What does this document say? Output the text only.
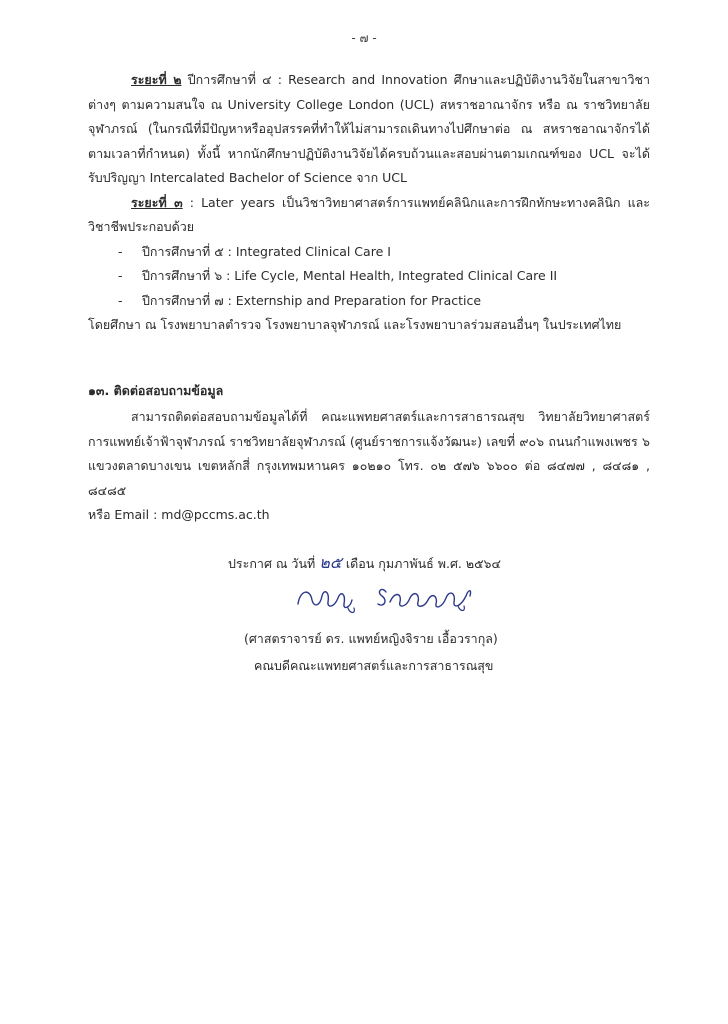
- ๗ -

ระยะที่ ๒ ปีการศึกษาที่ ๔ : Research and Innovation ศึกษาและปฏิบัติงานวิจัยในสาขาวิชาต่างๆ ตามความสนใจ ณ University College London (UCL) สหราชอาณาจักร หรือ ณ ราชวิทยาลัยจุฬาภรณ์ (ในกรณีที่มีปัญหาหรืออุปสรรคที่ทำให้ไม่สามารถเดินทางไปศึกษาต่อ ณ สหราชอาณาจักรได้ตามเวลาที่กำหนด) ทั้งนี้ หากนักศึกษาปฏิบัติงานวิจัยได้ครบถ้วนและสอบผ่านตามเกณฑ์ของ UCL จะได้รับปริญญา Intercalated Bachelor of Science จาก UCL

ระยะที่ ๓ : Later years เป็นวิชาวิทยาศาสตร์การแพทย์คลินิกและการฝึกทักษะทางคลินิก และวิชาชีพประกอบด้วย

- ปีการศึกษาที่ ๕ : Integrated Clinical Care I
- ปีการศึกษาที่ ๖ : Life Cycle, Mental Health, Integrated Clinical Care II
- ปีการศึกษาที่ ๗ : Externship and Preparation for Practice

โดยศึกษา ณ โรงพยาบาลตำรวจ โรงพยาบาลจุฬาภรณ์ และโรงพยาบาลร่วมสอนอื่นๆ ในประเทศไทย

๑๓. ติดต่อสอบถามข้อมูล

สามารถติดต่อสอบถามข้อมูลได้ที่ คณะแพทยศาสตร์และการสาธารณสุข วิทยาลัยวิทยาศาสตร์การแพทย์เจ้าฟ้าจุฬาภรณ์ ราชวิทยาลัยจุฬาภรณ์ (ศูนย์ราชการแจ้งวัฒนะ) เลขที่ ๙๐๖ ถนนกำแพงเพชร ๖ แขวงตลาดบางเขน เขตหลักสี่ กรุงเทพมหานคร ๑๐๒๑๐ โทร. ๐๒ ๕๗๖ ๖๖๐๐ ต่อ ๘๔๗๗ , ๘๔๘๑ , ๘๔๘๕

หรือ Email : md@pccms.ac.th

ประกาศ ณ วันที่ ๒๕ เดือน กุมภาพันธ์ พ.ศ. ๒๕๖๔
(ศาสตราจารย์ ดร. แพทย์หญิงจิราย เอื้อวรากุล)
คณบดีคณะแพทยศาสตร์และการสาธารณสุข
